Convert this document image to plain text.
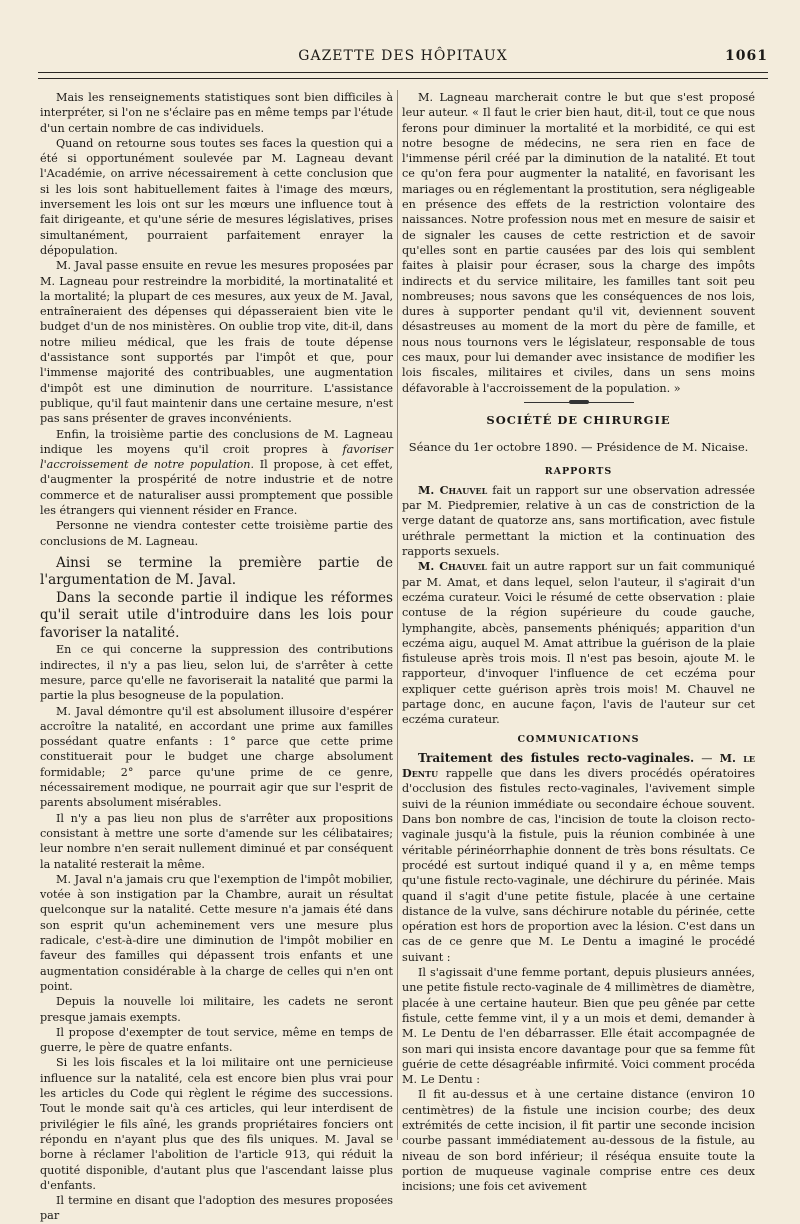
GAZETTE DES HÔPITAUX	1061

Mais les renseignements statistiques sont bien difficiles à interpréter, si l'on ne s'éclaire pas en même temps par l'étude d'un certain nombre de cas individuels.

Quand on retourne sous toutes ses faces la question qui a été si opportunément soulevée par M. Lagneau devant l'Académie, on arrive nécessairement à cette conclusion que si les lois sont habituellement faites à l'image des mœurs, inversement les lois ont sur les mœurs une influence tout à fait dirigeante, et qu'une série de mesures législatives, prises simultanément, pourraient parfaitement enrayer la dépopulation.

M. Javal passe ensuite en revue les mesures proposées par M. Lagneau pour restreindre la morbidité, la mortinatalité et la mortalité; la plupart de ces mesures, aux yeux de M. Javal, entraîneraient des dépenses qui dépasseraient bien vite le budget d'un de nos ministères. On oublie trop vite, dit-il, dans notre milieu médical, que les frais de toute dépense d'assistance sont supportés par l'impôt et que, pour l'immense majorité des contribuables, une augmentation d'impôt est une diminution de nourriture. L'assistance publique, qu'il faut maintenir dans une certaine mesure, n'est pas sans présenter de graves inconvénients.

Enfin, la troisième partie des conclusions de M. Lagneau indique les moyens qu'il croit propres à favoriser l'accroissement de notre population. Il propose, à cet effet, d'augmenter la prospérité de notre industrie et de notre commerce et de naturaliser aussi promptement que possible les étrangers qui viennent résider en France.

Personne ne viendra contester cette troisième partie des conclusions de M. Lagneau.

Ainsi se termine la première partie de l'argumentation de M. Javal.

Dans la seconde partie il indique les réformes qu'il serait utile d'introduire dans les lois pour favoriser la natalité.

En ce qui concerne la suppression des contributions indirectes, il n'y a pas lieu, selon lui, de s'arrêter à cette mesure, parce qu'elle ne favoriserait la natalité que parmi la partie la plus besogneuse de la population.

M. Javal démontre qu'il est absolument illusoire d'espérer accroître la natalité, en accordant une prime aux familles possédant quatre enfants : 1° parce que cette prime constituerait pour le budget une charge absolument formidable; 2° parce qu'une prime de ce genre, nécessairement modique, ne pourrait agir que sur l'esprit de parents absolument misérables.

Il n'y a pas lieu non plus de s'arrêter aux propositions consistant à mettre une sorte d'amende sur les célibataires; leur nombre n'en serait nullement diminué et par conséquent la natalité resterait la même.

M. Javal n'a jamais cru que l'exemption de l'impôt mobilier, votée à son instigation par la Chambre, aurait un résultat quelconque sur la natalité. Cette mesure n'a jamais été dans son esprit qu'un acheminement vers une mesure plus radicale, c'est-à-dire une diminution de l'impôt mobilier en faveur des familles qui dépassent trois enfants et une augmentation considérable à la charge de celles qui n'en ont point.

Depuis la nouvelle loi militaire, les cadets ne seront presque jamais exempts.

Il propose d'exempter de tout service, même en temps de guerre, le père de quatre enfants.

Si les lois fiscales et la loi militaire ont une pernicieuse influence sur la natalité, cela est encore bien plus vrai pour les articles du Code qui règlent le régime des successions. Tout le monde sait qu'à ces articles, qui leur interdisent de privilégier le fils aîné, les grands propriétaires fonciers ont répondu en n'ayant plus que des fils uniques. M. Javal se borne à réclamer l'abolition de l'article 913, qui réduit la quotité disponible, d'autant plus que l'ascendant laisse plus d'enfants.

Il termine en disant que l'adoption des mesures proposées par

M. Lagneau marcherait contre le but que s'est proposé leur auteur. « Il faut le crier bien haut, dit-il, tout ce que nous ferons pour diminuer la mortalité et la morbidité, ce qui est notre besogne de médecins, ne sera rien en face de l'immense péril créé par la diminution de la natalité. Et tout ce qu'on fera pour augmenter la natalité, en favorisant les mariages ou en réglementant la prostitution, sera négligeable en présence des effets de la restriction volontaire des naissances. Notre profession nous met en mesure de saisir et de signaler les causes de cette restriction et de savoir qu'elles sont en partie causées par des lois qui semblent faites à plaisir pour écraser, sous la charge des impôts indirects et du service militaire, les familles tant soit peu nombreuses; nous savons que les conséquences de nos lois, dures à supporter pendant qu'il vit, deviennent souvent désastreuses au moment de la mort du père de famille, et nous nous tournons vers le législateur, responsable de tous ces maux, pour lui demander avec insistance de modifier les lois fiscales, militaires et civiles, dans un sens moins défavorable à l'accroissement de la population. »

SOCIÉTÉ DE CHIRURGIE
Séance du 1er octobre 1890. — Présidence de M. Nicaise.
RAPPORTS

M. Chauvel fait un rapport sur une observation adressée par M. Piedpremier, relative à un cas de constriction de la verge datant de quatorze ans, sans mortification, avec fistule uréthrale permettant la miction et la continuation des rapports sexuels.

M. Chauvel fait un autre rapport sur un fait communiqué par M. Amat, et dans lequel, selon l'auteur, il s'agirait d'un eczéma curateur. Voici le résumé de cette observation : plaie contuse de la région supérieure du coude gauche, lymphangite, abcès, pansements phéniqués; apparition d'un eczéma aigu, auquel M. Amat attribue la guérison de la plaie fistuleuse après trois mois. Il n'est pas besoin, ajoute M. le rapporteur, d'invoquer l'influence de cet eczéma pour expliquer cette guérison après trois mois! M. Chauvel ne partage donc, en aucune façon, l'avis de l'auteur sur cet eczéma curateur.

COMMUNICATIONS

Traitement des fistules recto-vaginales. — M. le Dentu rappelle que dans les divers procédés opératoires d'occlusion des fistules recto-vaginales, l'avivement simple suivi de la réunion immédiate ou secondaire échoue souvent. Dans bon nombre de cas, l'incision de toute la cloison recto-vaginale jusqu'à la fistule, puis la réunion combinée à une véritable périnéorrhaphie donnent de très bons résultats. Ce procédé est surtout indiqué quand il y a, en même temps qu'une fistule recto-vaginale, une déchirure du périnée. Mais quand il s'agit d'une petite fistule, placée à une certaine distance de la vulve, sans déchirure notable du périnée, cette opération est hors de proportion avec la lésion. C'est dans un cas de ce genre que M. Le Dentu a imaginé le procédé suivant :

Il s'agissait d'une femme portant, depuis plusieurs années, une petite fistule recto-vaginale de 4 millimètres de diamètre, placée à une certaine hauteur. Bien que peu gênée par cette fistule, cette femme vint, il y a un mois et demi, demander à M. Le Dentu de l'en débarrasser. Elle était accompagnée de son mari qui insista encore davantage pour que sa femme fût guérie de cette désagréable infirmité. Voici comment procéda M. Le Dentu :

Il fit au-dessus et à une certaine distance (environ 10 centimètres) de la fistule une incision courbe; des deux extrémités de cette incision, il fit partir une seconde incision courbe passant immédiatement au-dessous de la fistule, au niveau de son bord inférieur; il réséqua ensuite toute la portion de muqueuse vaginale comprise entre ces deux incisions; une fois cet avivement
